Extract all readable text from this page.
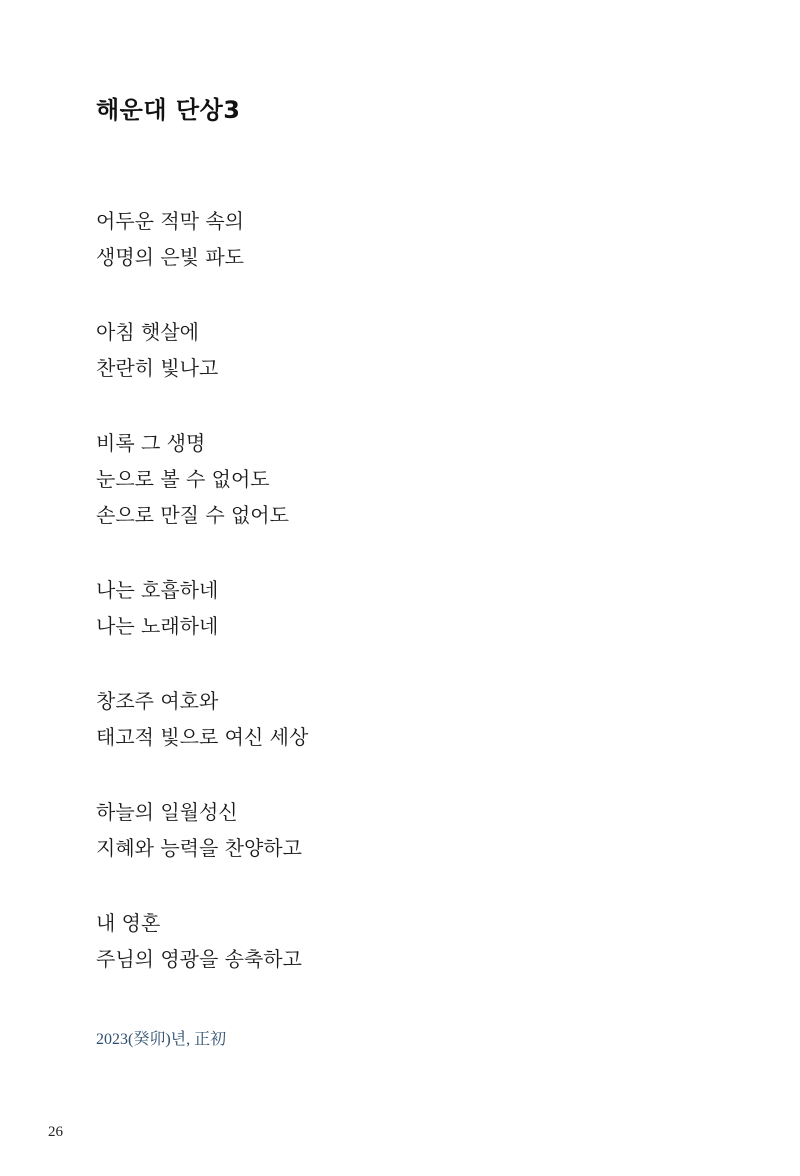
해운대 단상3
어두운 적막 속의
생명의 은빛 파도
아침 햇살에
찬란히 빛나고
비록 그 생명
눈으로 볼 수 없어도
손으로 만질 수 없어도
나는 호흡하네
나는 노래하네
창조주 여호와
태고적 빛으로 여신 세상
하늘의 일월성신
지혜와 능력을 찬양하고
내 영혼
주님의 영광을 송축하고
2023(癸卯)년, 正初
26
